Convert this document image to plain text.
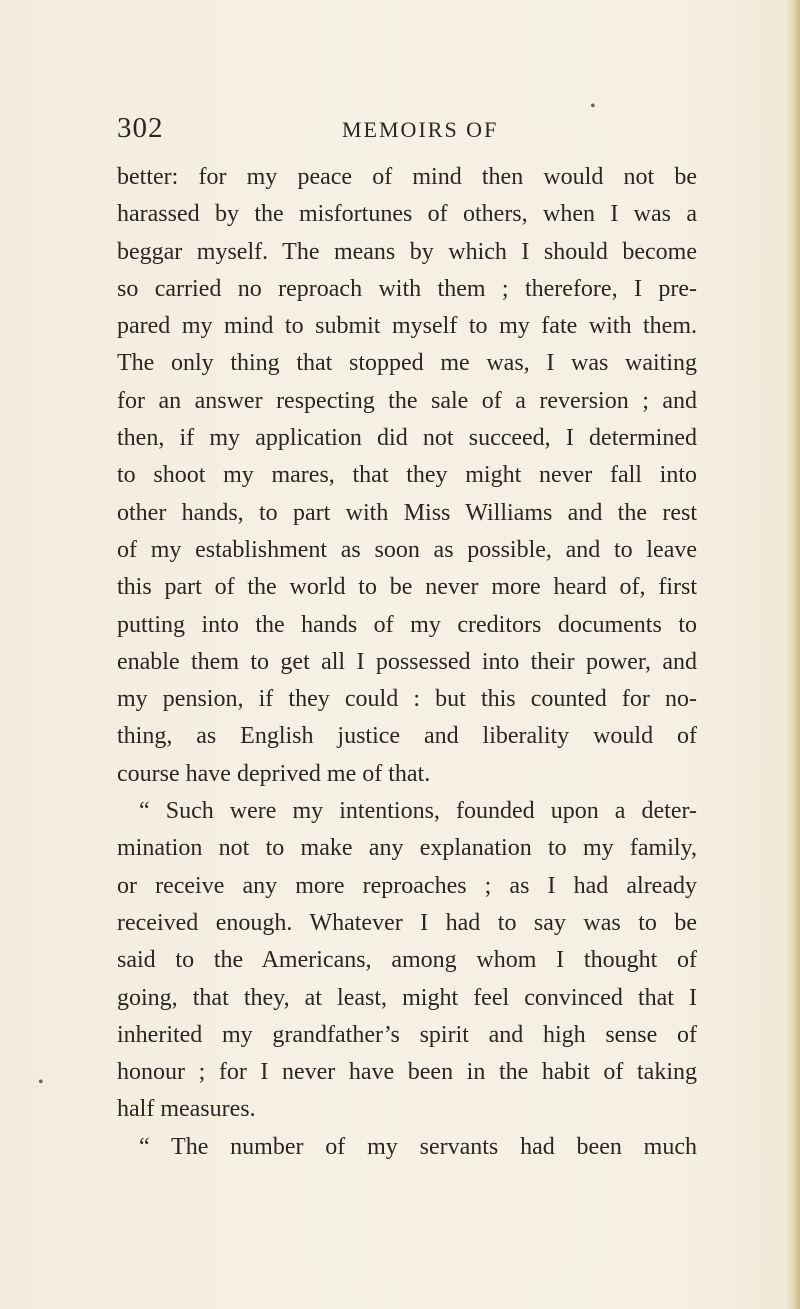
•
•
302	MEMOIRS OF
better: for my peace of mind then would not be
harassed by the misfortunes of others, when I was a
beggar myself. The means by which I should become
so carried no reproach with them ; therefore, I pre-
pared my mind to submit myself to my fate with them.
The only thing that stopped me was, I was waiting
for an answer respecting the sale of a reversion ; and
then, if my application did not succeed, I determined
to shoot my mares, that they might never fall into
other hands, to part with Miss Williams and the rest
of my establishment as soon as possible, and to leave
this part of the world to be never more heard of, first
putting into the hands of my creditors documents to
enable them to get all I possessed into their power, and
my pension, if they could : but this counted for no-
thing, as English justice and liberality would of
course have deprived me of that.
“ Such were my intentions, founded upon a deter-
mination not to make any explanation to my family,
or receive any more reproaches ; as I had already
received enough. Whatever I had to say was to be
said to the Americans, among whom I thought of
going, that they, at least, might feel convinced that I
inherited my grandfather’s spirit and high sense of
honour ; for I never have been in the habit of taking
half measures.
“ The number of my servants had been much
